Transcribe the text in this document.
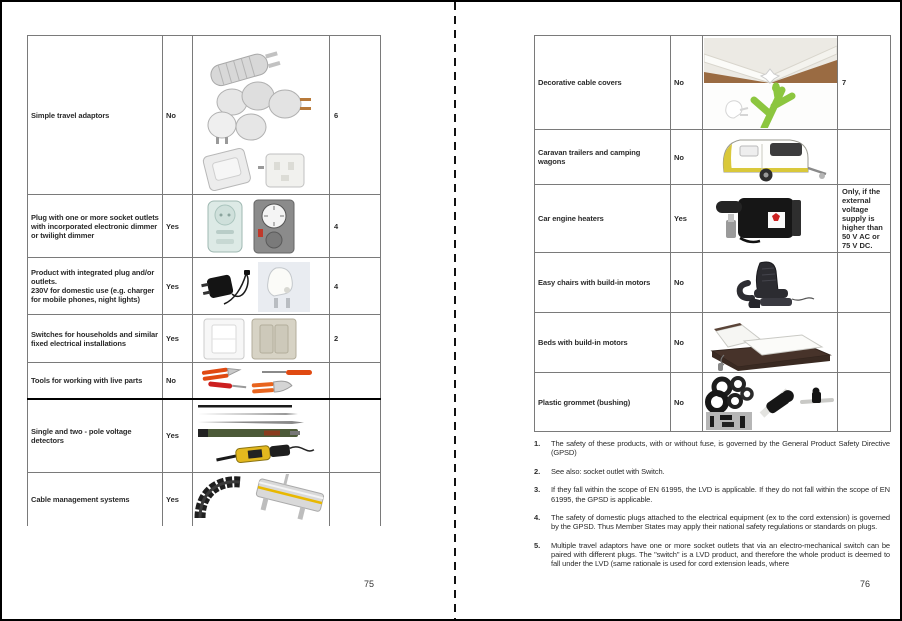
Simple travel adaptors	No		6
Plug with one or more socket outlets with incorporated electronic dimmer or twilight dimmer	Yes		4
Product with integrated plug and/or outlets.
230V for domestic use (e.g. charger for mobile phones, night lights)	Yes		4
Switches for households and similar fixed electrical installations	Yes		2
Tools for working with live parts	No	

Single and two - pole voltage detectors	Yes	

Cable management systems	Yes	

75
Decorative cable covers	No		7
Caravan trailers and camping wagons	No	

Car engine heaters	Yes		Only, if the external voltage supply is higher than 50 V AC or 75 V DC.
Easy chairs with build-in motors	No	

Beds with build-in motors	No	

Plastic grommet (bushing)	No	

1.	The safety of these products, with or without fuse, is governed by the General Product Safety Directive (GPSD)
2.	See also: socket outlet with Switch.
3.	If they fall within the scope of EN 61995, the LVD is applicable. If they do not fall within the scope of EN 61995, the GPSD is applicable.
4.	The safety of domestic plugs attached to the electrical equipment (ex to the cord extension) is governed by the GPSD. Thus Member States may apply their national safety regulations or standards on plugs.
5.	Multiple travel adaptors have one or more socket outlets that via an electro-mechanical switch can be paired with different plugs. The "switch" is a LVD product, and therefore the whole product is deemed to fall under the LVD (same rationale is used for cord extension leads, where
76
